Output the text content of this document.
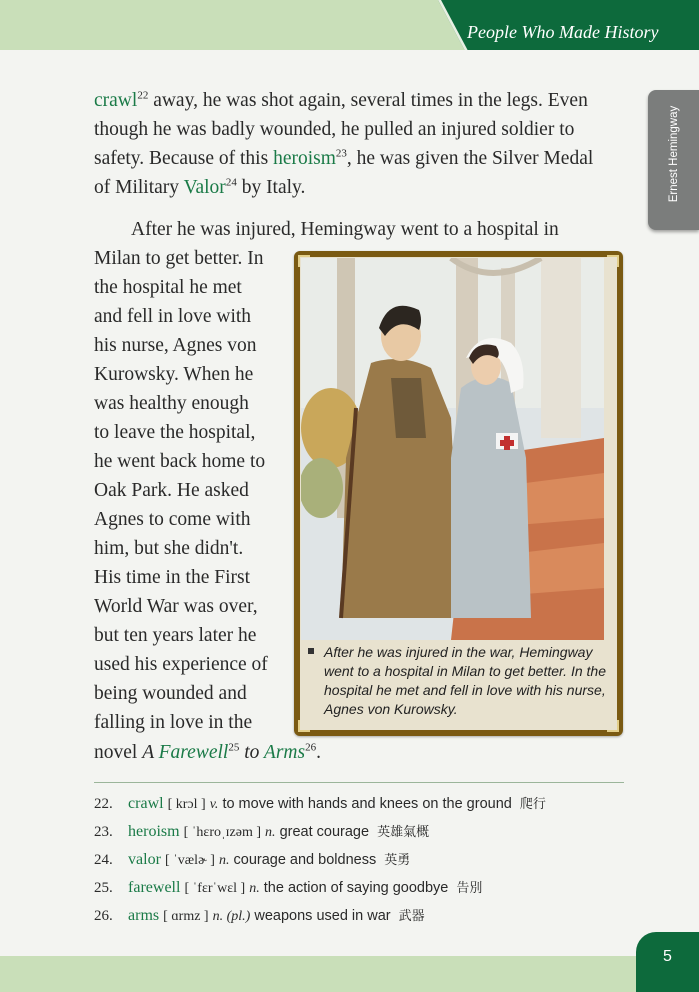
People Who Made History
Ernest Hemingway
crawl$^{22}$ away, he was shot again, several times in the legs. Even though he was badly wounded, he pulled an injured soldier to safety. Because of this heroism$^{23}$, he was given the Silver Medal of Military Valor$^{24}$ by Italy.
After he was injured, Hemingway went to a hospital in
Milan to get better. In
the hospital he met
and fell in love with
his nurse, Agnes von
Kurowsky. When he
was healthy enough
to leave the hospital,
he went back home to
Oak Park. He asked
Agnes to come with
him, but she didn't.
His time in the First
World War was over,
but ten years later he
used his experience of
being wounded and
falling in love in the
novel A Farewell$^{25}$ to Arms$^{26}$.
After he was injured in the war, Hemingway went to a hospital in Milan to get better. In the hospital he met and fell in love with his nurse, Agnes von Kurowsky.
22. crawl [ krɔl ] v. to move with hands and knees on the ground 爬行
23. heroism [ ˈhɛroˌɪzəm ] n. great courage 英雄氣概
24. valor [ ˈvælɚ ] n. courage and boldness 英勇
25. farewell [ ˈfɛrˈwɛl ] n. the action of saying goodbye 告別
26. arms [ ɑrmz ] n. (pl.) weapons used in war 武器
5
